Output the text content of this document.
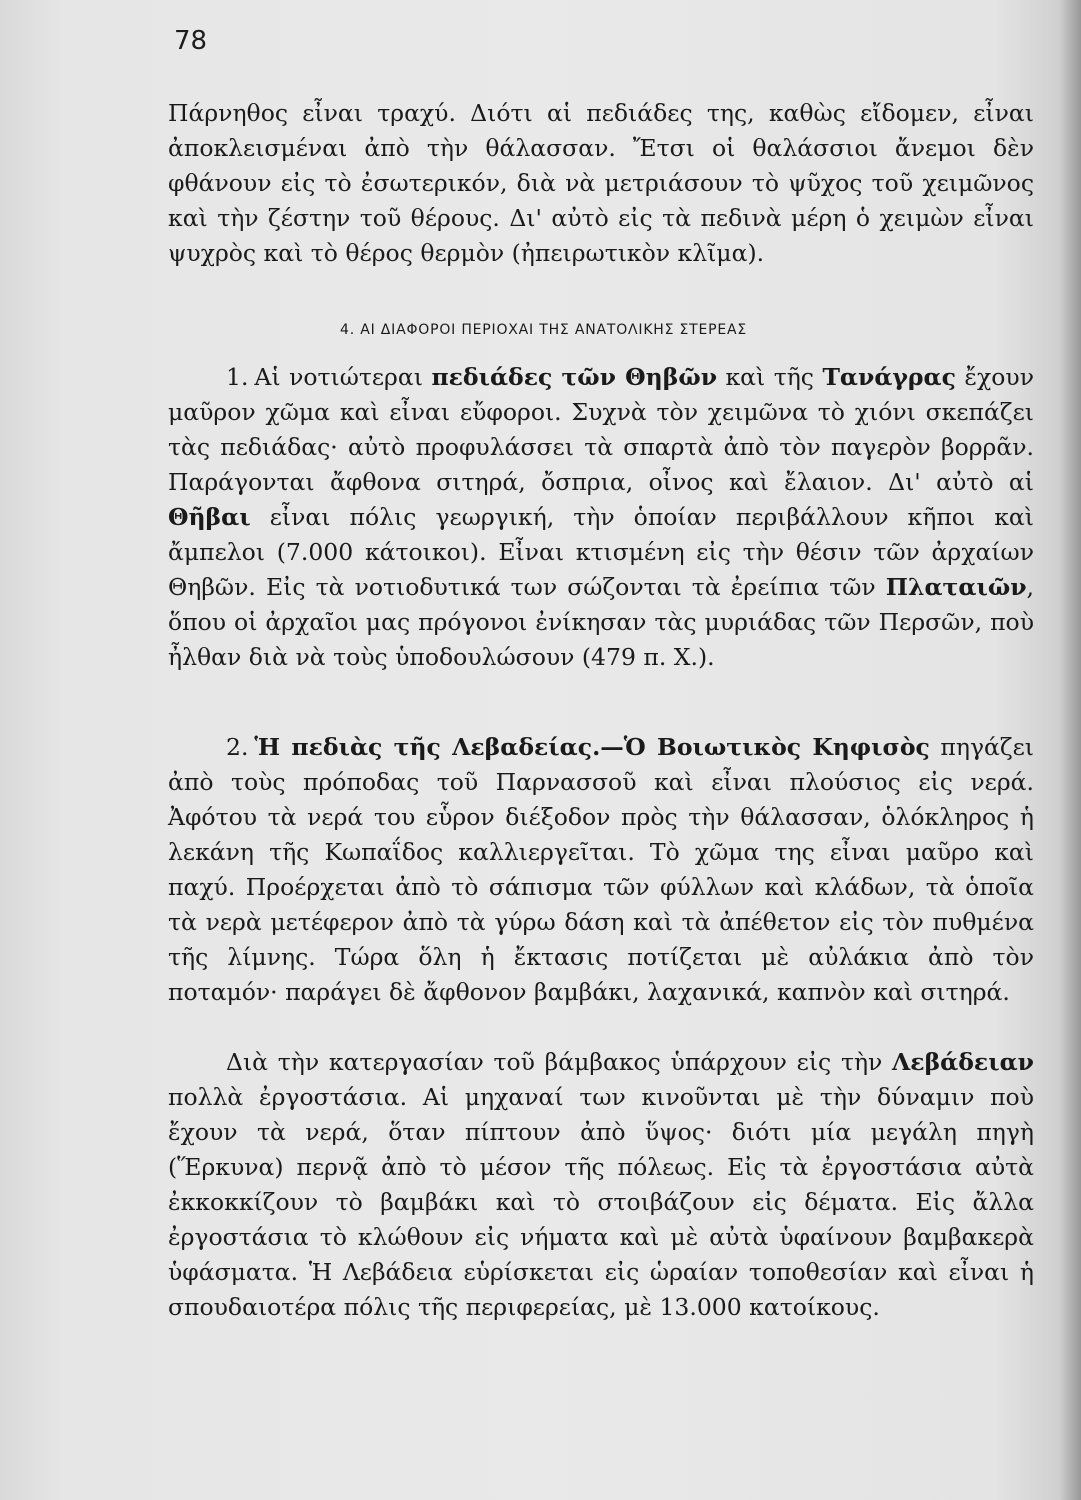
78

Πάρνηθος εἶναι τραχύ. Διότι αἱ πεδιάδες της, καθὼς εἴδομεν, εἶναι ἀποκλεισμέναι ἀπὸ τὴν θάλασσαν. Ἔτσι οἱ θαλάσσιοι ἄνεμοι δὲν φθάνουν εἰς τὸ ἐσωτερικόν, διὰ νὰ μετριάσουν τὸ ψῦχος τοῦ χειμῶνος καὶ τὴν ζέστην τοῦ θέρους. Δι' αὐτὸ εἰς τὰ πεδινὰ μέρη ὁ χειμὼν εἶναι ψυχρὸς καὶ τὸ θέρος θερμὸν (ἠπειρωτικὸν κλῖμα).

4. ΑΙ ΔΙΑΦΟΡΟΙ ΠΕΡΙΟΧΑΙ ΤΗΣ ΑΝΑΤΟΛΙΚΗΣ ΣΤΕΡΕΑΣ

1. Αἱ νοτιώτεραι πεδιάδες τῶν Θηβῶν καὶ τῆς Τανάγρας ἔχουν μαῦρον χῶμα καὶ εἶναι εὔφοροι. Συχνὰ τὸν χειμῶνα τὸ χιόνι σκεπάζει τὰς πεδιάδας· αὐτὸ προφυλάσσει τὰ σπαρτὰ ἀπὸ τὸν παγερὸν βορρᾶν. Παράγονται ἄφθονα σιτηρά, ὄσπρια, οἶνος καὶ ἔλαιον. Δι' αὐτὸ αἱ Θῆβαι εἶναι πόλις γεωργική, τὴν ὁποίαν περιβάλλουν κῆποι καὶ ἄμπελοι (7.000 κάτοικοι). Εἶναι κτισμένη εἰς τὴν θέσιν τῶν ἀρχαίων Θηβῶν. Εἰς τὰ νοτιοδυτικά των σώζονται τὰ ἐρείπια τῶν Πλαταιῶν, ὅπου οἱ ἀρχαῖοι μας πρόγονοι ἐνίκησαν τὰς μυριάδας τῶν Περσῶν, ποὺ ἦλθαν διὰ νὰ τοὺς ὑποδουλώσουν (479 π. Χ.).

2. Ἡ πεδιὰς τῆς Λεβαδείας.—Ὁ Βοιωτικὸς Κηφισὸς πηγάζει ἀπὸ τοὺς πρόποδας τοῦ Παρνασσοῦ καὶ εἶναι πλούσιος εἰς νερά. Ἀφότου τὰ νερά του εὗρον διέξοδον πρὸς τὴν θάλασσαν, ὁλόκληρος ἡ λεκάνη τῆς Κωπαΐδος καλλιεργεῖται. Τὸ χῶμα της εἶναι μαῦρο καὶ παχύ. Προέρχεται ἀπὸ τὸ σάπισμα τῶν φύλλων καὶ κλάδων, τὰ ὁποῖα τὰ νερὰ μετέφερον ἀπὸ τὰ γύρω δάση καὶ τὰ ἀπέθετον εἰς τὸν πυθμένα τῆς λίμνης. Τώρα ὅλη ἡ ἔκτασις ποτίζεται μὲ αὐλάκια ἀπὸ τὸν ποταμόν· παράγει δὲ ἄφθονον βαμβάκι, λαχανικά, καπνὸν καὶ σιτηρά.

Διὰ τὴν κατεργασίαν τοῦ βάμβακος ὑπάρχουν εἰς τὴν Λεβάδειαν πολλὰ ἐργοστάσια. Αἱ μηχαναί των κινοῦνται μὲ τὴν δύναμιν ποὺ ἔχουν τὰ νερά, ὅταν πίπτουν ἀπὸ ὕψος· διότι μία μεγάλη πηγὴ (Ἕρκυνα) περνᾷ ἀπὸ τὸ μέσον τῆς πόλεως. Εἰς τὰ ἐργοστάσια αὐτὰ ἐκκοκκίζουν τὸ βαμβάκι καὶ τὸ στοιβάζουν εἰς δέματα. Εἰς ἄλλα ἐργοστάσια τὸ κλώθουν εἰς νήματα καὶ μὲ αὐτὰ ὑφαίνουν βαμβακερὰ ὑφάσματα. Ἡ Λεβάδεια εὑρίσκεται εἰς ὡραίαν τοποθεσίαν καὶ εἶναι ἡ σπουδαιοτέρα πόλις τῆς περιφερείας, μὲ 13.000 κατοίκους.
